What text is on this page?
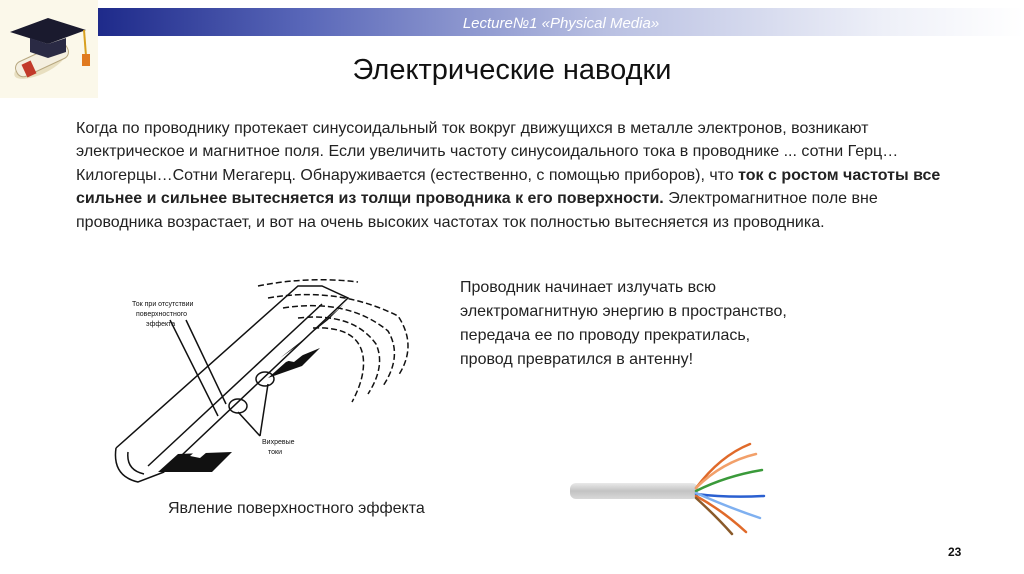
Lecture№1 «Physical Media»
Электрические наводки
Когда по проводнику протекает синусоидальный ток вокруг движущихся в металле электронов, возникают электрическое и магнитное поля. Если увеличить частоту синусоидального тока в проводнике ... сотни Герц…Килогерцы…Сотни Мегагерц. Обнаруживается (естественно, с помощью приборов), что ток с ростом частоты все сильнее и сильнее вытесняется из толщи проводника к его поверхности. Электромагнитное поле вне проводника возрастает, и вот на очень высоких частотах ток полностью вытесняется из проводника.
Проводник начинает излучать всю
электромагнитную энергию в пространство,
передача ее по проводу прекратилась,
провод превратился в антенну!
Ток при отсутствии
поверхностного
эффекта
Вихревые
токи
Явление поверхностного эффекта
23
